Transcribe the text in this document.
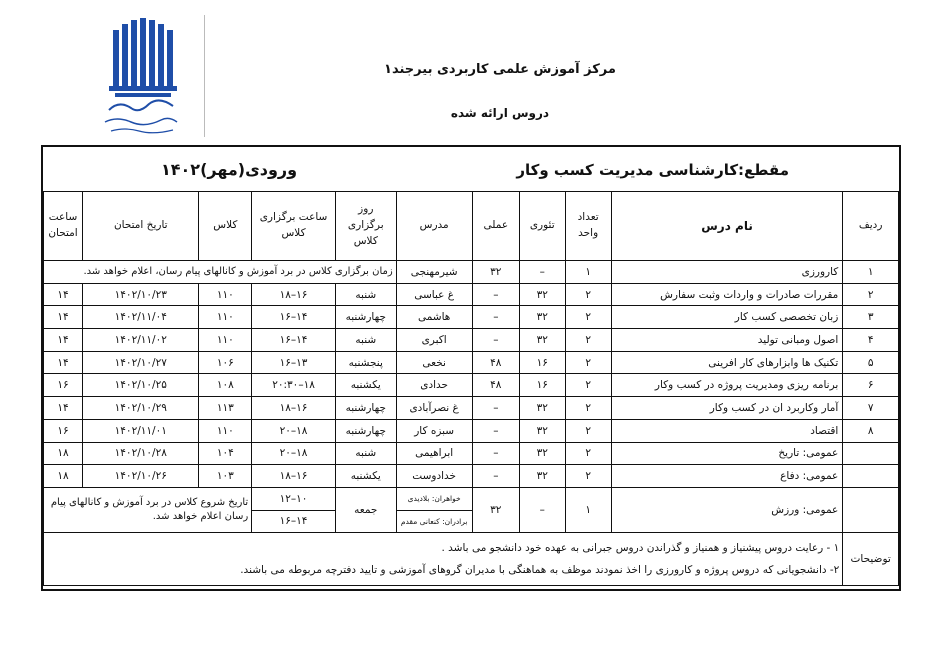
مرکز آموزش علمی کاربردی بیرجند۱
دروس ارائه شده
ورودی(مهر)۱۴۰۲	مقطع:کارشناسی مدیریت کسب وکار
ردیف	نام درس	تعداد واحد	تئوری	عملی	مدرس	روز برگزاری کلاس	ساعت برگزاری کلاس	کلاس	تاریخ امتحان	ساعت امتحان
۱	کارورزی	۱	–	۳۲	شیرمهنجی	زمان برگزاری کلاس در برد آموزش و کانالهای پیام رسان، اعلام خواهد شد.				
۲	مقررات صادرات و واردات وثبت سفارش	۲	۳۲	–	غ عباسی	شنبه	۱۶–۱۸	۱۱۰	۱۴۰۲/۱۰/۲۳	۱۴
۳	زبان تخصصی کسب کار	۲	۳۲	–	هاشمی	چهارشنبه	۱۴–۱۶	۱۱۰	۱۴۰۲/۱۱/۰۴	۱۴
۴	اصول ومبانی تولید	۲	۳۲	–	اکبری	شنبه	۱۴–۱۶	۱۱۰	۱۴۰۲/۱۱/۰۲	۱۴
۵	تکنیک ها وابزارهای کار افرینی	۲	۱۶	۴۸	نخعی	پنجشنبه	۱۳–۱۶	۱۰۶	۱۴۰۲/۱۰/۲۷	۱۴
۶	برنامه ریزی ومدیریت پروژه در کسب وکار	۲	۱۶	۴۸	حدادی	یکشنبه	۱۸–۲۰:۳۰	۱۰۸	۱۴۰۲/۱۰/۲۵	۱۶
۷	آمار وکاربرد ان در کسب وکار	۲	۳۲	–	غ نصرآبادی	چهارشنبه	۱۶–۱۸	۱۱۳	۱۴۰۲/۱۰/۲۹	۱۴
۸	اقتصاد	۲	۳۲	–	سبزه کار	چهارشنبه	۱۸–۲۰	۱۱۰	۱۴۰۲/۱۱/۰۱	۱۶
	عمومی: تاریخ	۲	۳۲	–	ابراهیمی	شنبه	۱۸–۲۰	۱۰۴	۱۴۰۲/۱۰/۲۸	۱۸
	عمومی: دفاع	۲	۳۲	–	خدادوست	یکشنبه	۱۶–۱۸	۱۰۳	۱۴۰۲/۱۰/۲۶	۱۸
	عمومی: ورزش	۱	–	۳۲	خواهران: بلادیدی	جمعه	۱۰–۱۲	تاریخ شروع کلاس در برد آموزش و کانالهای پیام رسان اعلام خواهد شد.		
					برادران: کنعانی مقدم		۱۴–۱۶			
توضیحات	۱ - رعایت دروس پیشنیاز و همنیاز و گذراندن دروس جبرانی به عهده خود دانشجو می باشد .
۲- دانشجویانی که دروس پروژه و کارورزی را اخذ نمودند موظف به هماهنگی با مدیران گروهای آموزشی و تایید دفترچه مربوطه می باشند.									
